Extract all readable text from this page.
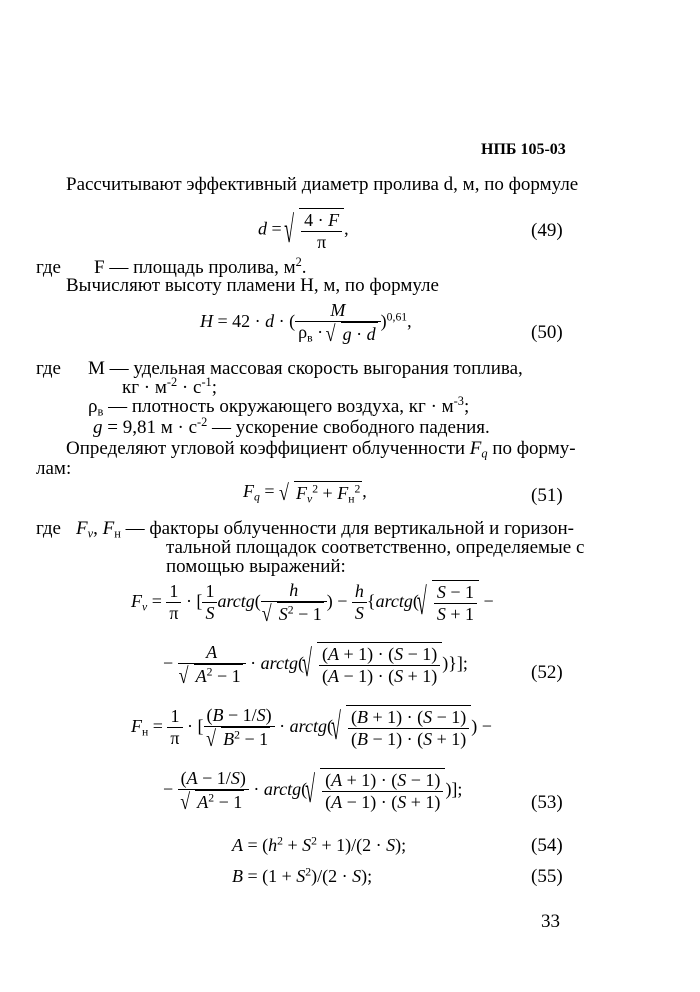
НПБ 105-03
Рассчитывают эффективный диаметр пролива d, м, по формуле
d = √ $\frac{4 \cdot F}{\pi}$ ,	(49)
где F — площадь пролива, $м^2$.
Вычисляют высоту пламени H, м, по формуле
H = 42 · d · ( $\frac{M}{\rho_в \cdot √ g \cdot d} )^{0,61}$,
(50)
где M — удельная массовая скорость выгорания топлива,
кг · $м^{-2} \cdot с^{-1}$;
$\rho_в$ — плотность окружающего воздуха, кг · $м^{-3}$;
g = 9,81 $м \cdot с^{-2}$ — ускорение свободного падения.
Определяют угловой коэффициент облученности $F_q$ по форму-
лам:
$F_q$ = √ $F_v^2 + F_н^2$ ,	(51)
где $F_v$, $F_н$ — факторы облученности для вертикальной и горизон-
тальной площадок соответственно, определяемые с
помощью выражений:
$F_v = \frac{1}{\pi}$ · [ $\frac{1}{S}$ arctg( h
√ $S^2 - 1$ ) − $\frac{h}{S}$ {arctg( √ $\frac{S - 1}{S + 1}$ −
− A
√ $A^2 - 1$ · arctg( √ $\frac{(A + 1) \cdot (S - 1)}{(A - 1) \cdot (S + 1)}$ )}];	(52)
$F_н = \frac{1}{\pi}$ · [ (B − 1/S)
√ $B^2 - 1$ · arctg( √ $\frac{(B + 1) \cdot (S - 1)}{(B - 1) \cdot (S + 1)}$ ) −
− (A − 1/S)
√ $A^2 - 1$ · arctg( √ $\frac{(A + 1) \cdot (S - 1)}{(A - 1) \cdot (S + 1)}$ )];
(53)
$A = (h^2 + S^2 + 1)/(2 \cdot S)$;	(54)
$B = (1 + S^2)/(2 \cdot S)$;	(55)
33
